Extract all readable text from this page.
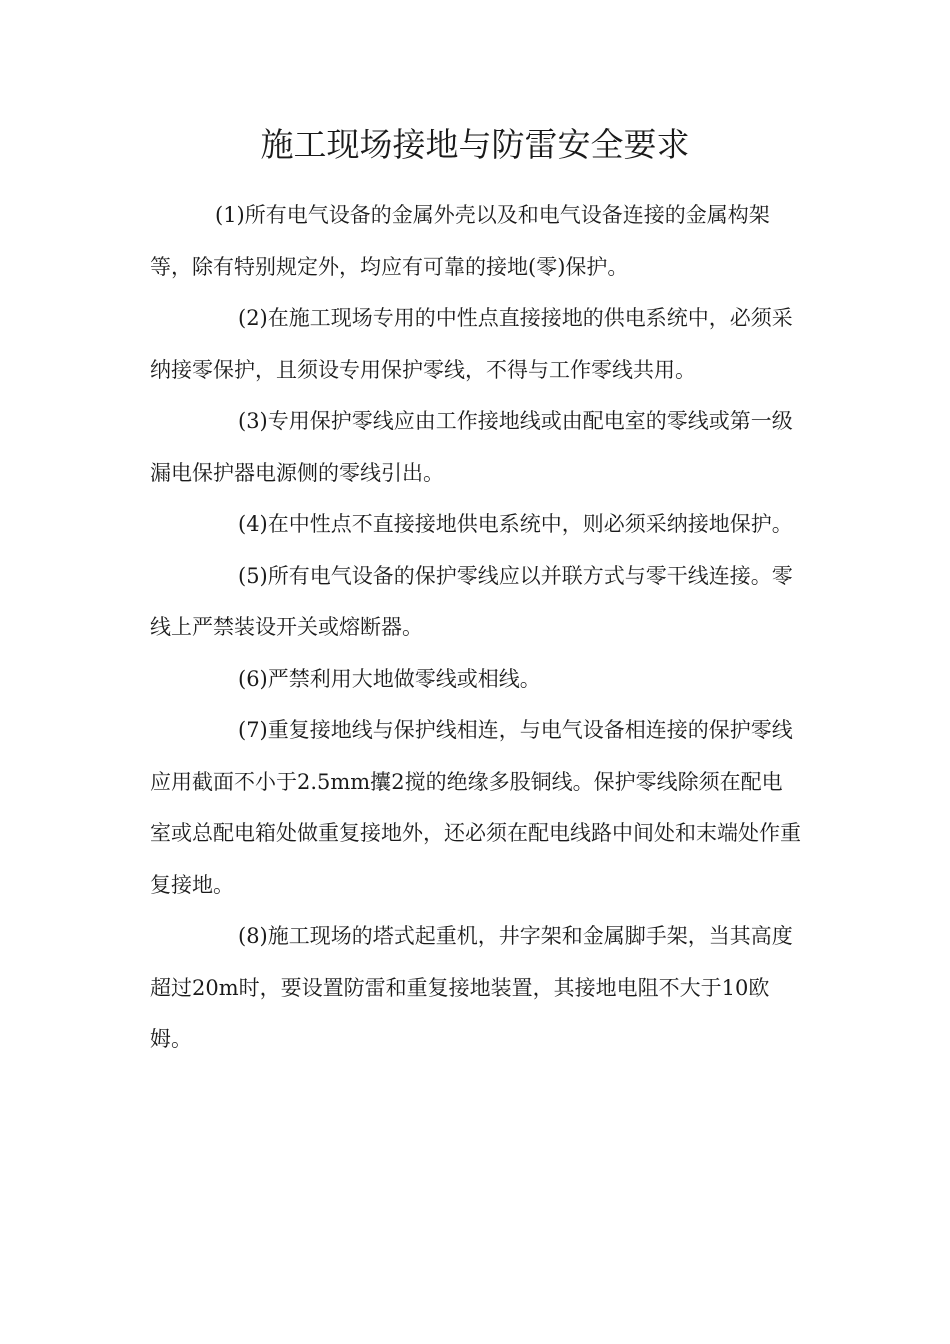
施工现场接地与防雷安全要求

(1)所有电气设备的金属外壳以及和电气设备连接的金属构架等，除有特别规定外，均应有可靠的接地(零)保护。

(2)在施工现场专用的中性点直接接地的供电系统中，必须采纳接零保护，且须设专用保护零线，不得与工作零线共用。

(3)专用保护零线应由工作接地线或由配电室的零线或第一级漏电保护器电源侧的零线引出。

(4)在中性点不直接接地供电系统中，则必须采纳接地保护。

(5)所有电气设备的保护零线应以并联方式与零干线连接。零线上严禁装设开关或熔断器。

(6)严禁利用大地做零线或相线。

(7)重复接地线与保护线相连，与电气设备相连接的保护零线应用截面不小于2.5mm攮2搅的绝缘多股铜线。保护零线除须在配电室或总配电箱处做重复接地外，还必须在配电线路中间处和末端处作重复接地。

(8)施工现场的塔式起重机，井字架和金属脚手架，当其高度超过20m时，要设置防雷和重复接地装置，其接地电阻不大于10欧姆。
